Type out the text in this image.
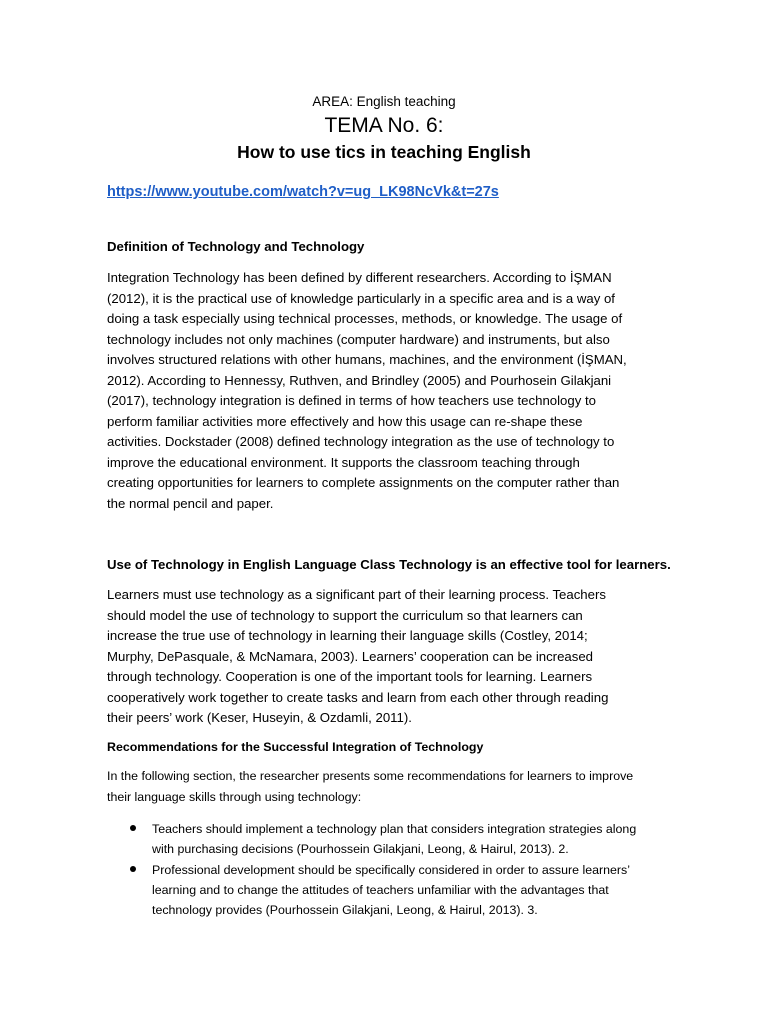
AREA: English teaching
TEMA No. 6:
How to use tics in teaching English
https://www.youtube.com/watch?v=ug_LK98NcVk&t=27s
Definition of Technology and Technology
Integration Technology has been defined by different researchers. According to İŞMAN
(2012), it is the practical use of knowledge particularly in a specific area and is a way of
doing a task especially using technical processes, methods, or knowledge. The usage of
technology includes not only machines (computer hardware) and instruments, but also
involves structured relations with other humans, machines, and the environment (İŞMAN,
2012). According to Hennessy, Ruthven, and Brindley (2005) and Pourhosein Gilakjani
(2017), technology integration is defined in terms of how teachers use technology to
perform familiar activities more effectively and how this usage can re-shape these
activities. Dockstader (2008) defined technology integration as the use of technology to
improve the educational environment. It supports the classroom teaching through
creating opportunities for learners to complete assignments on the computer rather than
the normal pencil and paper.
Use of Technology in English Language Class Technology is an effective tool for learners.
Learners must use technology as a significant part of their learning process. Teachers
should model the use of technology to support the curriculum so that learners can
increase the true use of technology in learning their language skills (Costley, 2014;
Murphy, DePasquale, & McNamara, 2003). Learners’ cooperation can be increased
through technology. Cooperation is one of the important tools for learning. Learners
cooperatively work together to create tasks and learn from each other through reading
their peers’ work (Keser, Huseyin, & Ozdamli, 2011).
Recommendations for the Successful Integration of Technology
In the following section, the researcher presents some recommendations for learners to improve
their language skills through using technology:
Teachers should implement a technology plan that considers integration strategies along
with purchasing decisions (Pourhossein Gilakjani, Leong, & Hairul, 2013). 2.
Professional development should be specifically considered in order to assure learners’
learning and to change the attitudes of teachers unfamiliar with the advantages that
technology provides (Pourhossein Gilakjani, Leong, & Hairul, 2013). 3.
